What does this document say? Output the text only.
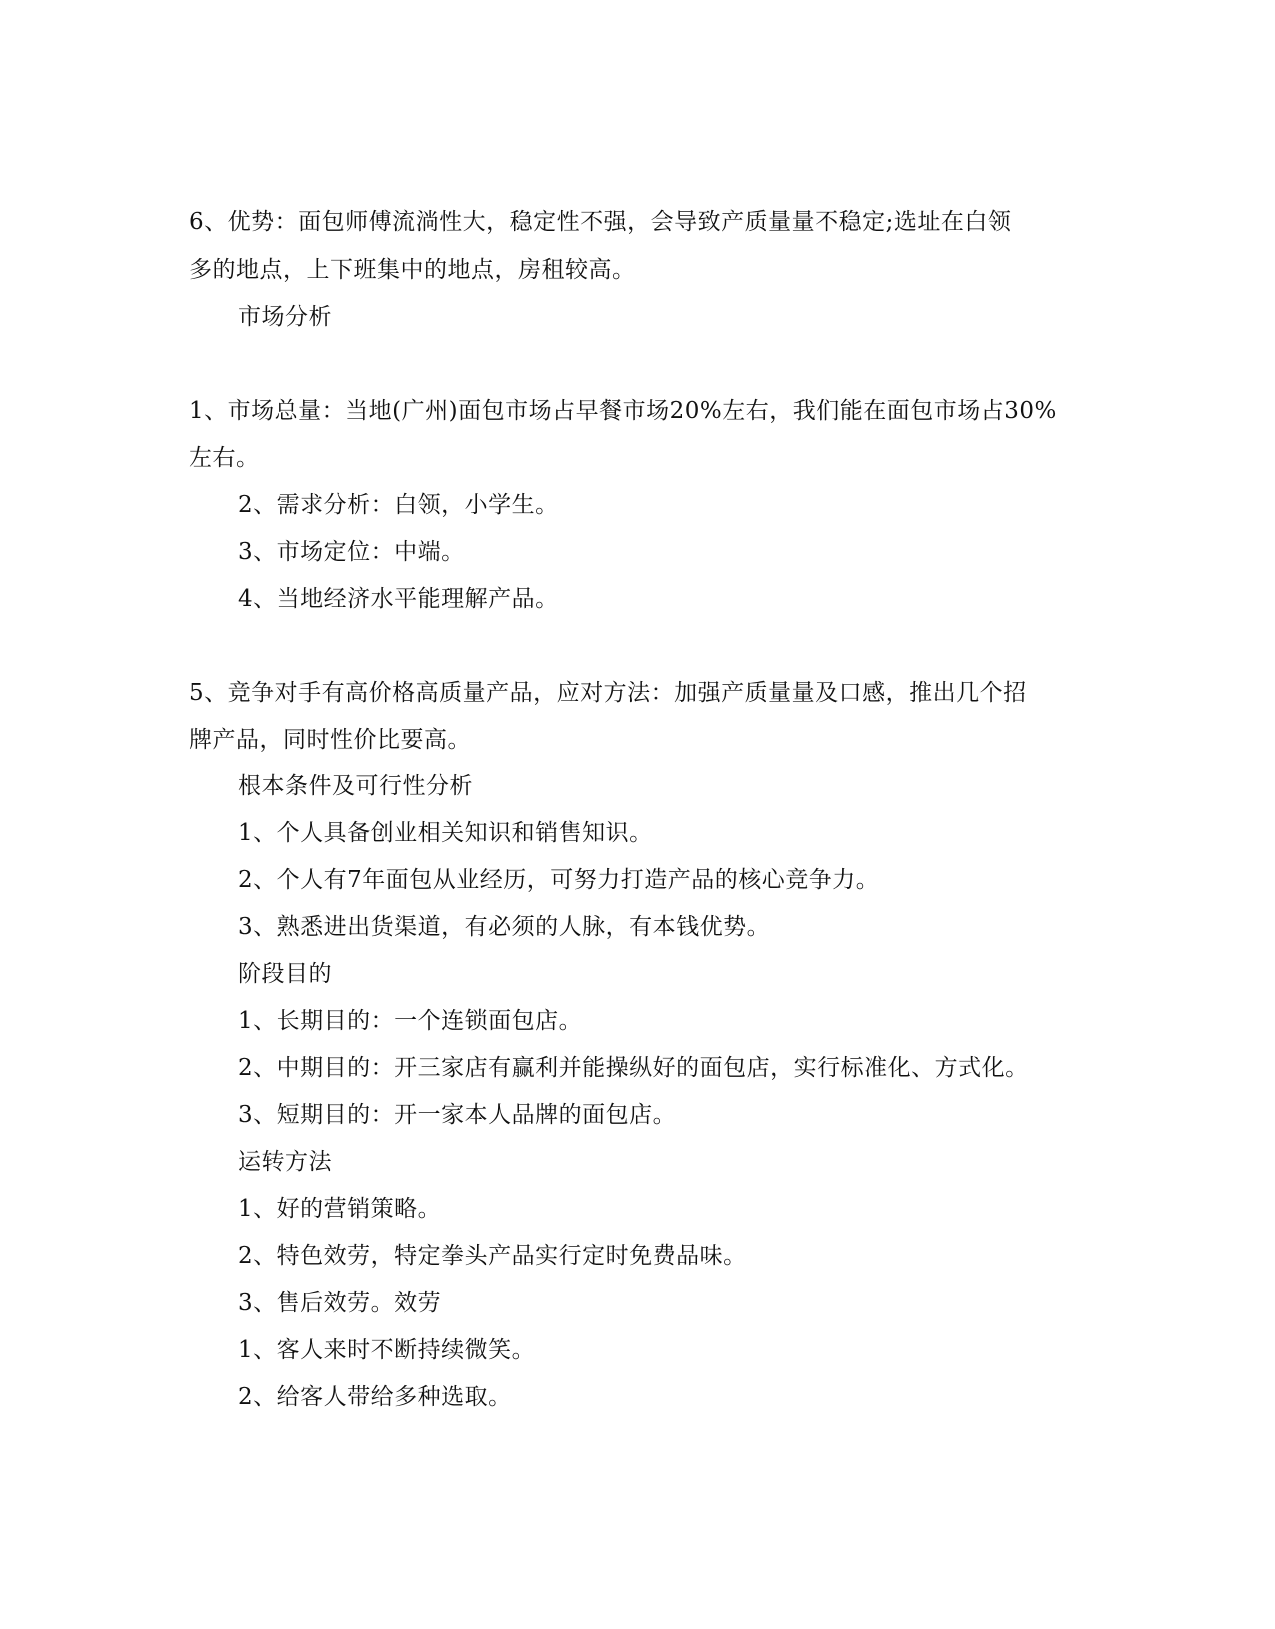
6、优势：面包师傅流淌性大，稳定性不强，会导致产质量量不稳定;选址在白领
多的地点，上下班集中的地点，房租较高。
市场分析
1、市场总量：当地(广州)面包市场占早餐市场20%左右，我们能在面包市场占30%
左右。
2、需求分析：白领，小学生。
3、市场定位：中端。
4、当地经济水平能理解产品。
5、竞争对手有高价格高质量产品，应对方法：加强产质量量及口感，推出几个招
牌产品，同时性价比要高。
根本条件及可行性分析
1、个人具备创业相关知识和销售知识。
2、个人有7年面包从业经历，可努力打造产品的核心竞争力。
3、熟悉进出货渠道，有必须的人脉，有本钱优势。
阶段目的
1、长期目的：一个连锁面包店。
2、中期目的：开三家店有赢利并能操纵好的面包店，实行标准化、方式化。
3、短期目的：开一家本人品牌的面包店。
运转方法
1、好的营销策略。
2、特色效劳，特定拳头产品实行定时免费品味。
3、售后效劳。效劳
1、客人来时不断持续微笑。
2、给客人带给多种选取。
